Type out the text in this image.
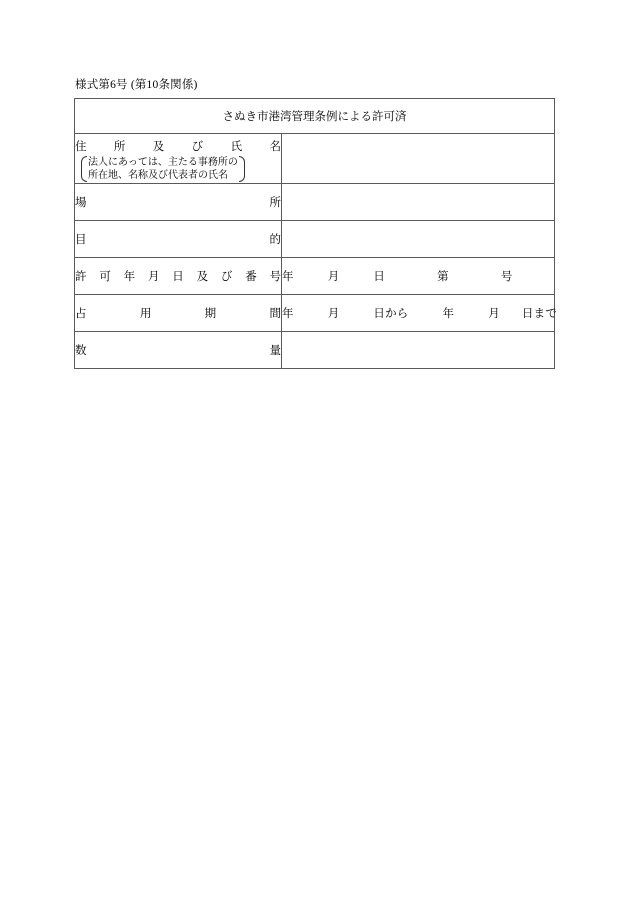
様式第6号 (第10条関係)
さぬき市港湾管理条例による許可済	

住 所 及 び 氏 名
法人にあっては、主たる事務所の
所在地、名称及び代表者の氏名

場 所	

目 的	

許 可 年 月 日 及 び 番 号	年	月	日	第	号

占 用 期 間	年 月 日から 年 月 日まで

数 量	
